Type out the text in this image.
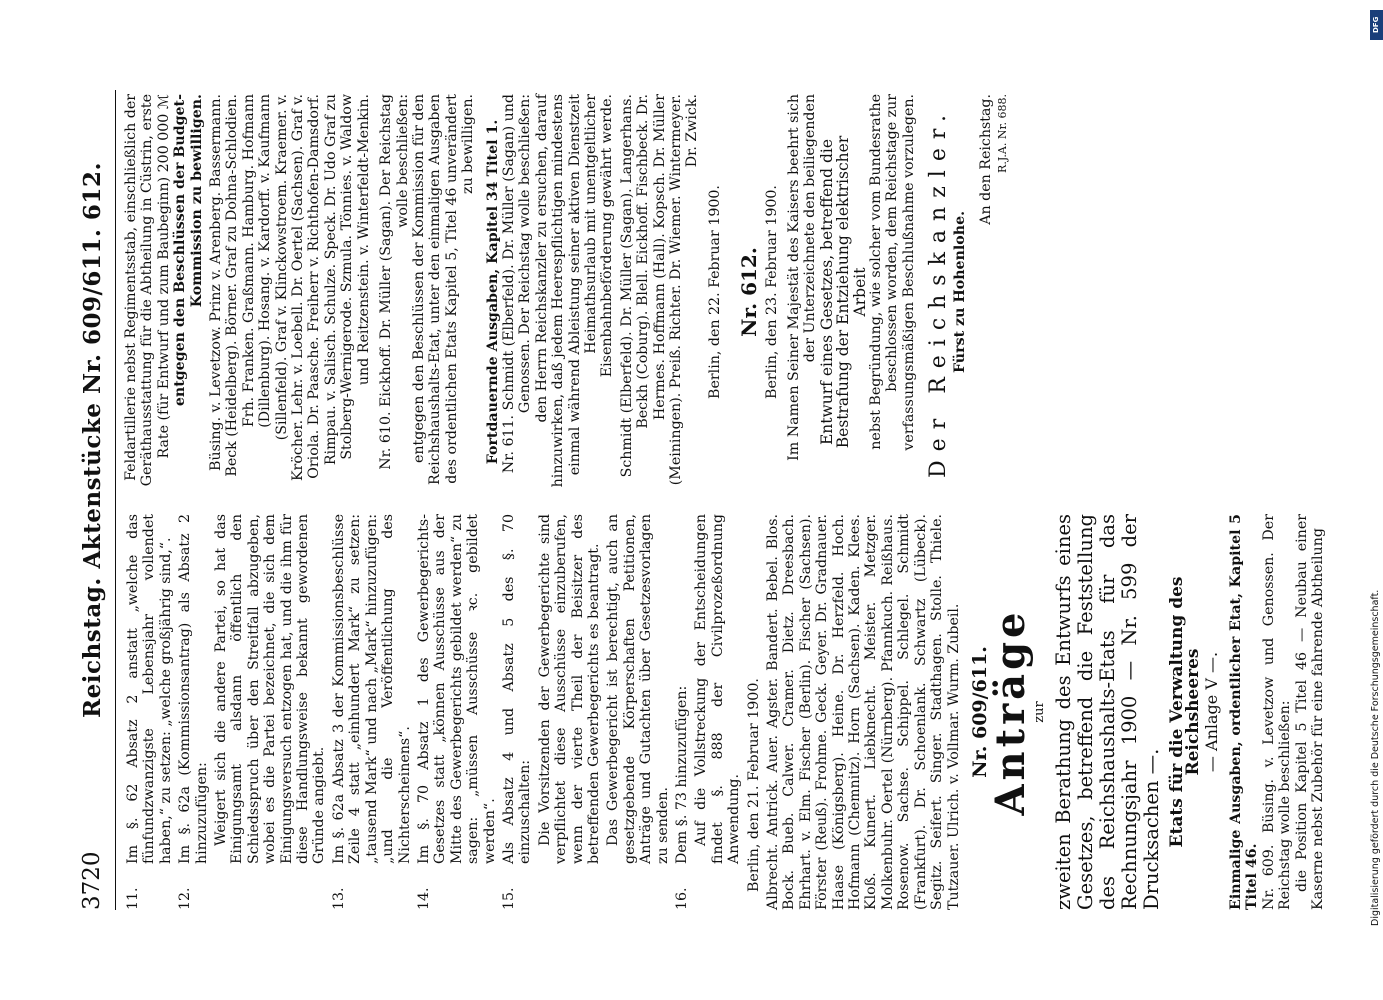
3720
Reichstag. Aktenstücke Nr. 609/611. 612.
11.
Im §. 62 Absatz 2 anstatt „welche das fünfundzwanzigste Lebensjahr vollendet haben,“ zu setzen: „welche großjährig sind,“.
12.
Im §. 62a (Kommissionsantrag) als Absatz 2 hinzuzufügen: Weigert sich die andere Partei, so hat das Einigungsamt alsdann öffentlich den Schiedsspruch über den Streitfall abzugeben, wobei es die Partei bezeichnet, die sich dem Einigungsversuch entzogen hat, und die ihm für diese Handlungsweise bekannt gewordenen Gründe angiebt.
13.
Im §. 62a Absatz 3 der Kommissionsbeschlüsse Zeile 4 statt „einhundert Mark“ zu setzen: „tausend Mark“ und nach „Mark“ hinzuzufügen: „und die Veröffentlichung des Nichterscheinens“.
14.
Im §. 70 Absatz 1 des Gewerbegerichts-Gesetzes statt „können Ausschüsse aus der Mitte des Gewerbegerichts gebildet werden“ zu sagen: „müssen Ausschüsse ꝛc. gebildet werden“.
15.
Als Absatz 4 und Absatz 5 des §. 70 einzuschalten: Die Vorsitzenden der Gewerbegerichte sind verpflichtet diese Ausschüsse einzuberufen, wenn der vierte Theil der Beisitzer des betreffenden Gewerbegerichts es beantragt. Das Gewerbegericht ist berechtigt, auch an gesetzgebende Körperschaften Petitionen, Anträge und Gutachten über Gesetzesvorlagen zu senden.
16.
Dem §. 73 hinzuzufügen: Auf die Vollstreckung der Entscheidungen findet §. 888 der Civilprozeßordnung Anwendung. Berlin, den 21. Februar 1900. Albrecht. Antrick. Auer. Agster. Bandert. Bebel. Blos. Bock. Bueb. Calwer. Cramer. Dietz. Dreesbach. Ehrhart. v. Elm. Fischer (Berlin). Fischer (Sachsen). Förster (Reuß). Frohme. Geck. Geyer. Dr. Gradnauer. Haase (Königsberg). Heine. Dr. Herzfeld. Hoch. Hofmann (Chemnitz). Horn (Sachsen). Kaden. Klees. Kloß. Kunert. Liebknecht. Meister. Metzger. Molkenbuhr. Oertel (Nürnberg). Pfannkuch. Reißhaus. Rosenow. Sachse. Schippel. Schlegel. Schmidt (Frankfurt). Dr. Schoenlank. Schwartz (Lübeck). Segitz. Seifert. Singer. Stadthagen. Stolle. Thiele. Tutzauer. Ulrich. v. Vollmar. Wurm. Zubeil. Nr. 609/611.
Anträge
zur zweiten Berathung des Entwurfs eines Gesetzes, betreffend die Feststellung des Reichshaushalts-Etats für das Rechnungsjahr 1900 — Nr. 599 der Drucksachen —. Etats für die Verwaltung des Reichsheeres
— Anlage V —. Einmalige Ausgaben, ordentlicher Etat, Kapitel 5 Titel 46. Nr. 609. Büsing. v. Levetzow und Genossen. Der Reichstag wolle beschließen: die Position Kapitel 5 Titel 46 — Neubau einer Kaserne nebst Zubehör für eine fahrende Abtheilung
Feldartillerie nebst Regimentsstab, einschließlich der Geräthausstattung für die Abtheilung in Cüstrin, erste Rate (für Entwurf und zum Baubeginn) 200 000 ℳ entgegen den Beschlüssen der Budget-Kommission zu bewilligen. Büsing. v. Levetzow. Prinz v. Arenberg. Bassermann. Beck (Heidelberg). Börner. Graf zu Dohna-Schlodien. Frh. Franken. Graßmann. Hamburg. Hofmann (Dillenburg). Hosang. v. Kardorff. v. Kaufmann (Sillenfeld). Graf v. Klinckowstroem. Kraemer. v. Kröcher. Lehr. v. Loebell. Dr. Oertel (Sachsen). Graf v. Oriola. Dr. Paasche. Freiherr v. Richthofen-Damsdorf. Rimpau. v. Salisch. Schulze. Speck. Dr. Udo Graf zu Stolberg-Wernigerode. Szmula. Tönnies. v. Waldow und Reitzenstein. v. Winterfeldt-Menkin. Nr. 610. Eickhoff. Dr. Müller (Sagan). Der Reichstag wolle beschließen: entgegen den Beschlüssen der Kommission für den Reichshaushalts-Etat, unter den einmaligen Ausgaben des ordentlichen Etats Kapitel 5, Titel 46 unverändert zu bewilligen. Fortdauernde Ausgaben, Kapitel 34 Titel 1. Nr. 611. Schmidt (Elberfeld). Dr. Müller (Sagan) und Genossen. Der Reichstag wolle beschließen: den Herrn Reichskanzler zu ersuchen, darauf hinzuwirken, daß jedem Heerespflichtigen mindestens einmal während Ableistung seiner aktiven Dienstzeit Heimathsurlaub mit unentgeltlicher Eisenbahnbeförderung gewährt werde. Schmidt (Elberfeld). Dr. Müller (Sagan). Langerhans. Beckh (Coburg). Blell. Eickhoff. Fischbeck. Dr. Hermes. Hoffmann (Hall). Kopsch. Dr. Müller (Meiningen). Preiß. Richter. Dr. Wiemer. Wintermeyer. Dr. Zwick.
Berlin, den 22. Februar 1900. Nr. 612. Berlin, den 23. Februar 1900. Im Namen Seiner Majestät des Kaisers beehrt sich der Unterzeichnete den beiliegenden Entwurf eines Gesetzes, betreffend die Bestrafung der Entziehung elektrischer Arbeit nebst Begründung, wie solcher vom Bundesrathe beschlossen worden, dem Reichstage zur verfassungsmäßigen Beschlußnahme vorzulegen. Der Reichskanzler. Fürst zu Hohenlohe.
An den Reichstag. R.J.A. Nr. 688.
DFG
Digitalisierung gefördert durch die Deutsche Forschungsgemeinschaft.
